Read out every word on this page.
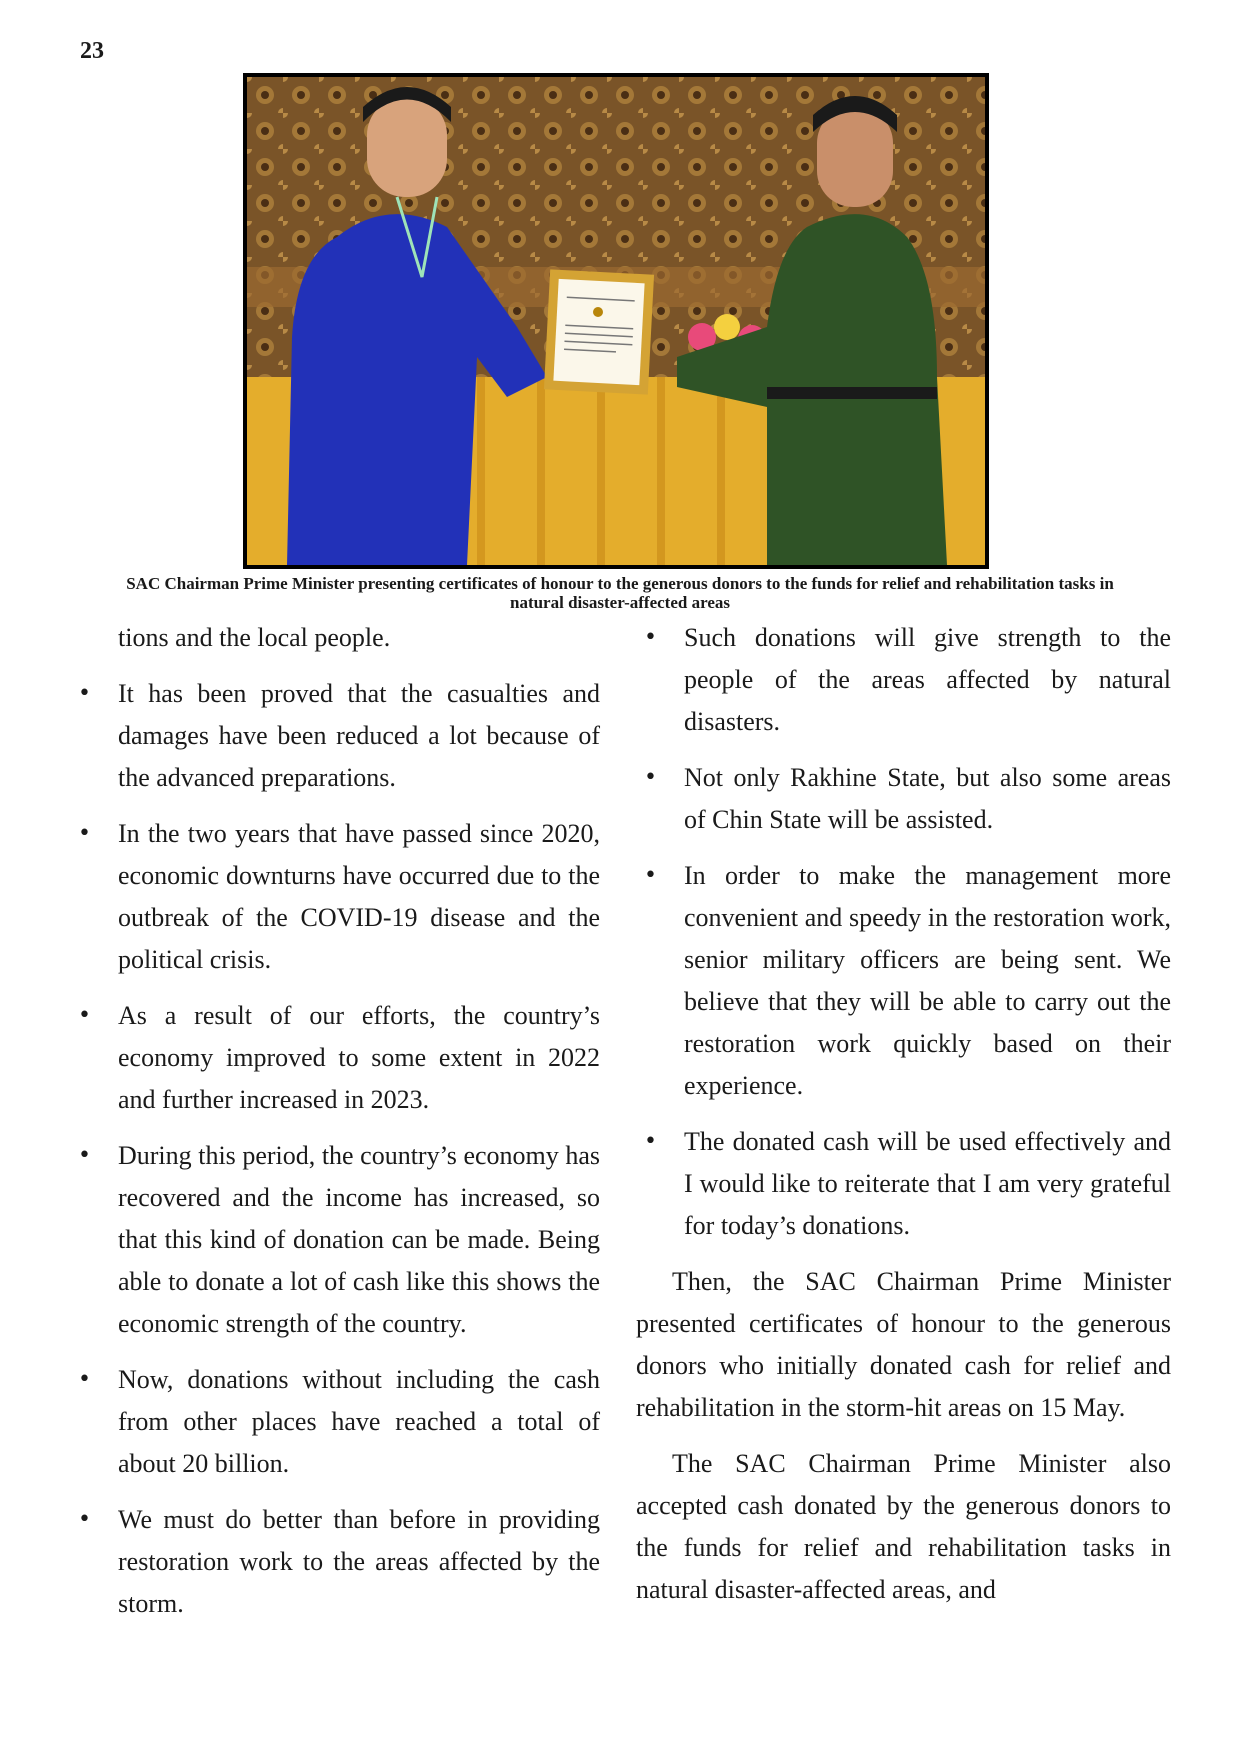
23
SAC Chairman Prime Minister presenting certificates of honour to the generous donors to the funds for relief and rehabilitation tasks in natural disaster-affected areas

tions and the local people.

• It has been proved that the casualties and damages have been reduced a lot because of the advanced preparations.
• In the two years that have passed since 2020, economic downturns have occurred due to the outbreak of the COVID-19 disease and the political crisis.
• As a result of our efforts, the country’s economy improved to some extent in 2022 and further increased in 2023.
• During this period, the country’s economy has recovered and the income has increased, so that this kind of donation can be made. Being able to donate a lot of cash like this shows the economic strength of the country.
• Now, donations without including the cash from other places have reached a total of about 20 billion.
• We must do better than before in providing restoration work to the areas affected by the storm.
• Such donations will give strength to the people of the areas affected by natural disasters.
• Not only Rakhine State, but also some areas of Chin State will be assisted.
• In order to make the management more convenient and speedy in the restoration work, senior military officers are being sent. We believe that they will be able to carry out the restoration work quickly based on their experience.
• The donated cash will be used effectively and I would like to reiterate that I am very grateful for today’s donations.

Then, the SAC Chairman Prime Minister presented certificates of honour to the generous donors who initially donated cash for relief and rehabilitation in the storm-hit areas on 15 May.

The SAC Chairman Prime Minister also accepted cash donated by the generous donors to the funds for relief and rehabilitation tasks in natural disaster-affected areas, and
